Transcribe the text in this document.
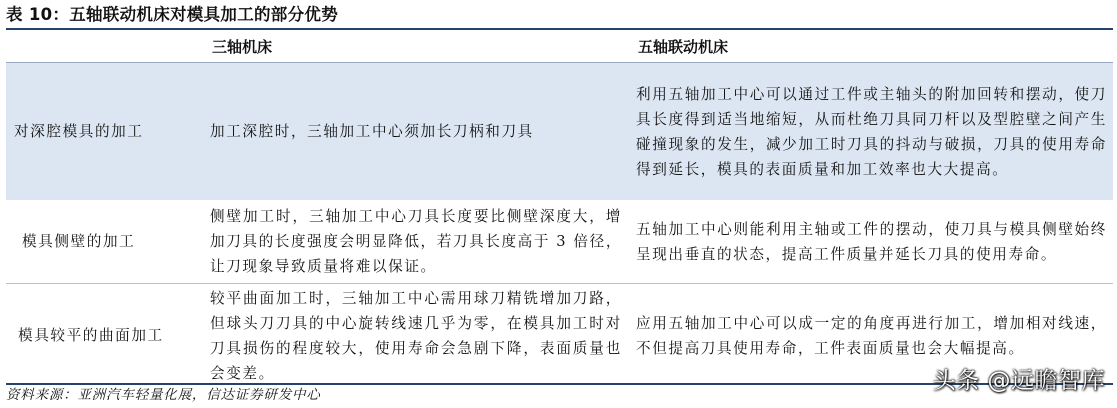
表 10：五轴联动机床对模具加工的部分优势
三轴机床	五轴联动机床
对深腔模具的加工	加工深腔时，三轴加工中心须加长刀柄和刀具
利用五轴加工中心可以通过工件或主轴头的附加回转和摆动，使刀具长度得到适当地缩短，从而杜绝刀具同刀杆以及型腔壁之间产生碰撞现象的发生，减少加工时刀具的抖动与破损，刀具的使用寿命得到延长，模具的表面质量和加工效率也大大提高。
模具侧壁的加工
侧壁加工时，三轴加工中心刀具长度要比侧壁深度大，增加刀具的长度强度会明显降低，若刀具长度高于 3 倍径，让刀现象导致质量将难以保证。
五轴加工中心则能利用主轴或工件的摆动，使刀具与模具侧壁始终呈现出垂直的状态，提高工件质量并延长刀具的使用寿命。
模具较平的曲面加工
较平曲面加工时，三轴加工中心需用球刀精铣增加刀路，但球头刀刀具的中心旋转线速几乎为零，在模具加工时对刀具损伤的程度较大，使用寿命会急剧下降，表面质量也会变差。
应用五轴加工中心可以成一定的角度再进行加工，增加相对线速，不但提高刀具使用寿命，工件表面质量也会大幅提高。
资料来源：亚洲汽车轻量化展，信达证券研发中心
头条 @远瞻智库
